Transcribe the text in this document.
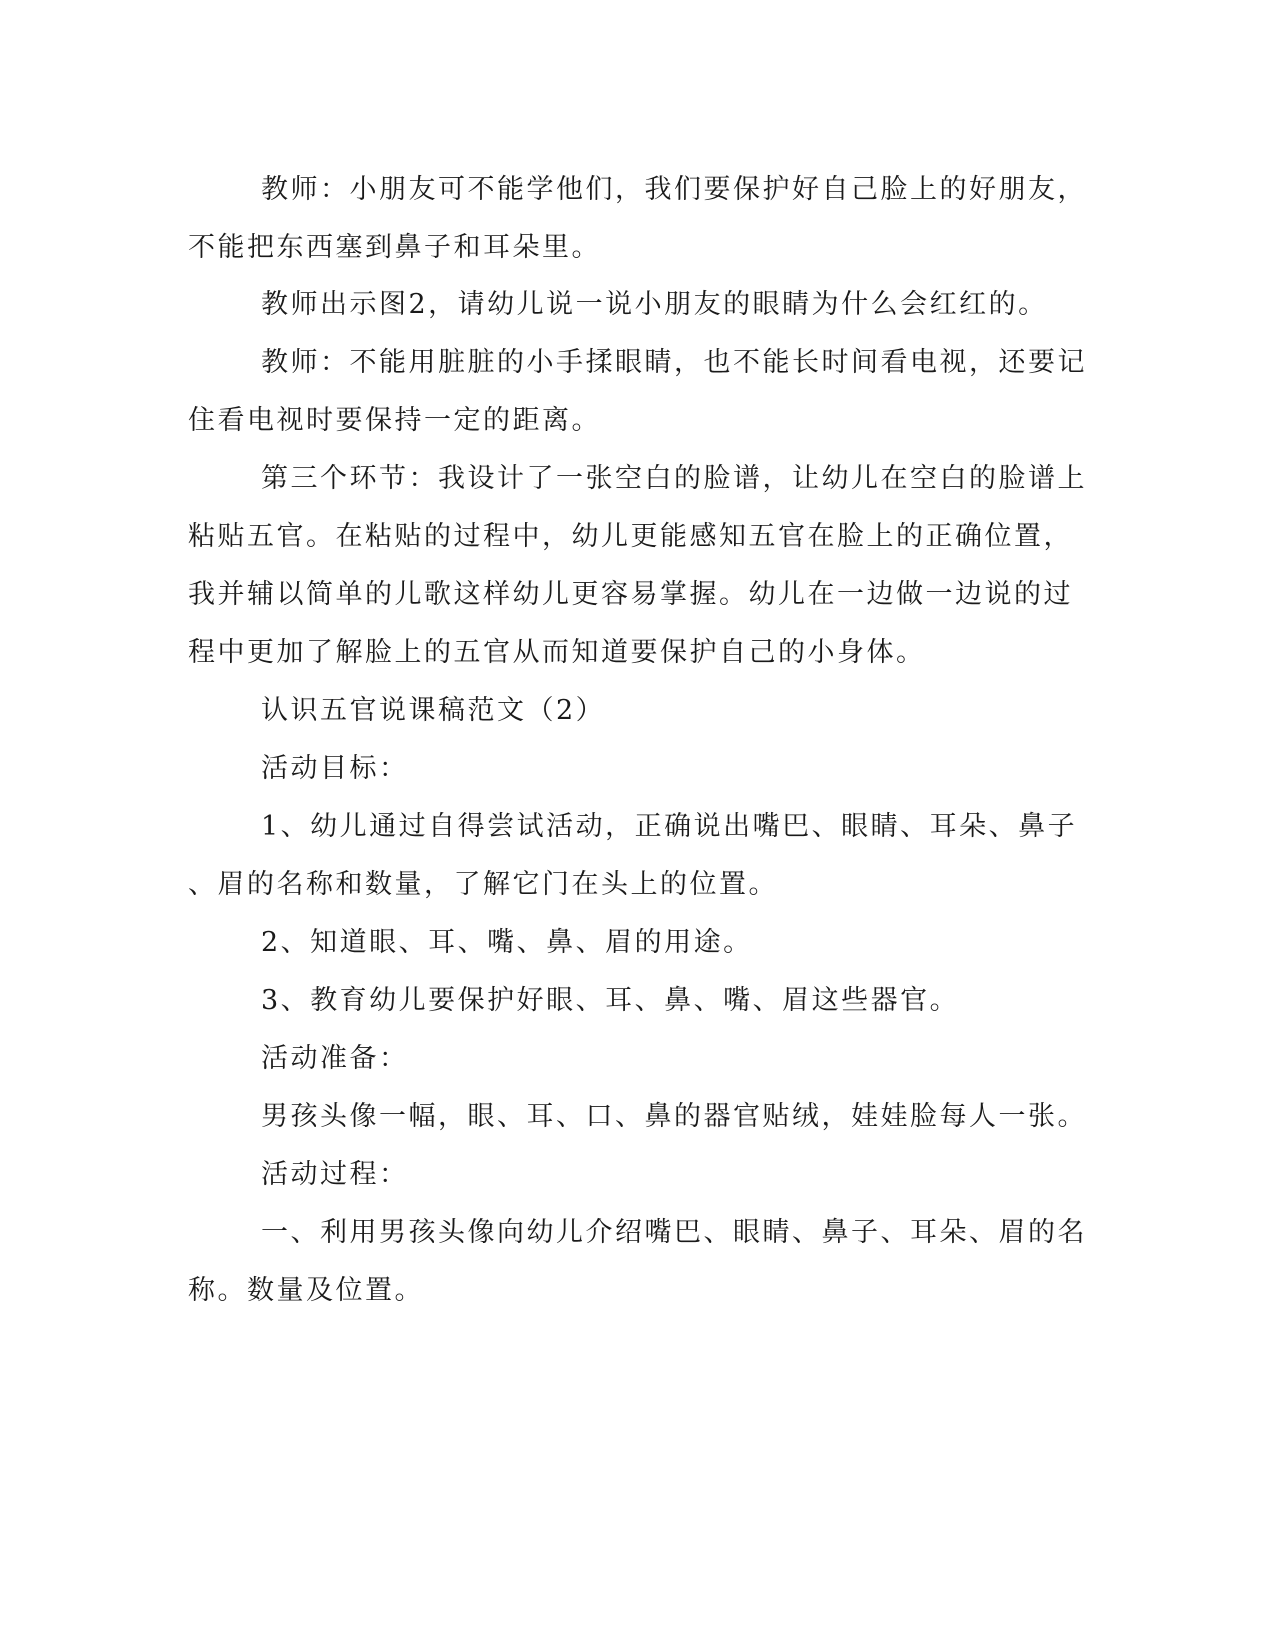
教师：小朋友可不能学他们，我们要保护好自己脸上的好朋友，

不能把东西塞到鼻子和耳朵里。

教师出示图2，请幼儿说一说小朋友的眼睛为什么会红红的。

教师：不能用脏脏的小手揉眼睛，也不能长时间看电视，还要记

住看电视时要保持一定的距离。

第三个环节：我设计了一张空白的脸谱，让幼儿在空白的脸谱上

粘贴五官。在粘贴的过程中，幼儿更能感知五官在脸上的正确位置，

我并辅以简单的儿歌这样幼儿更容易掌握。幼儿在一边做一边说的过

程中更加了解脸上的五官从而知道要保护自己的小身体。

认识五官说课稿范文（2）

活动目标：

1、幼儿通过自得尝试活动，正确说出嘴巴、眼睛、耳朵、鼻子

、眉的名称和数量，了解它门在头上的位置。

2、知道眼、耳、嘴、鼻、眉的用途。

3、教育幼儿要保护好眼、耳、鼻、嘴、眉这些器官。

活动准备：

男孩头像一幅，眼、耳、口、鼻的器官贴绒，娃娃脸每人一张。

活动过程：

一、利用男孩头像向幼儿介绍嘴巴、眼睛、鼻子、耳朵、眉的名

称。数量及位置。
